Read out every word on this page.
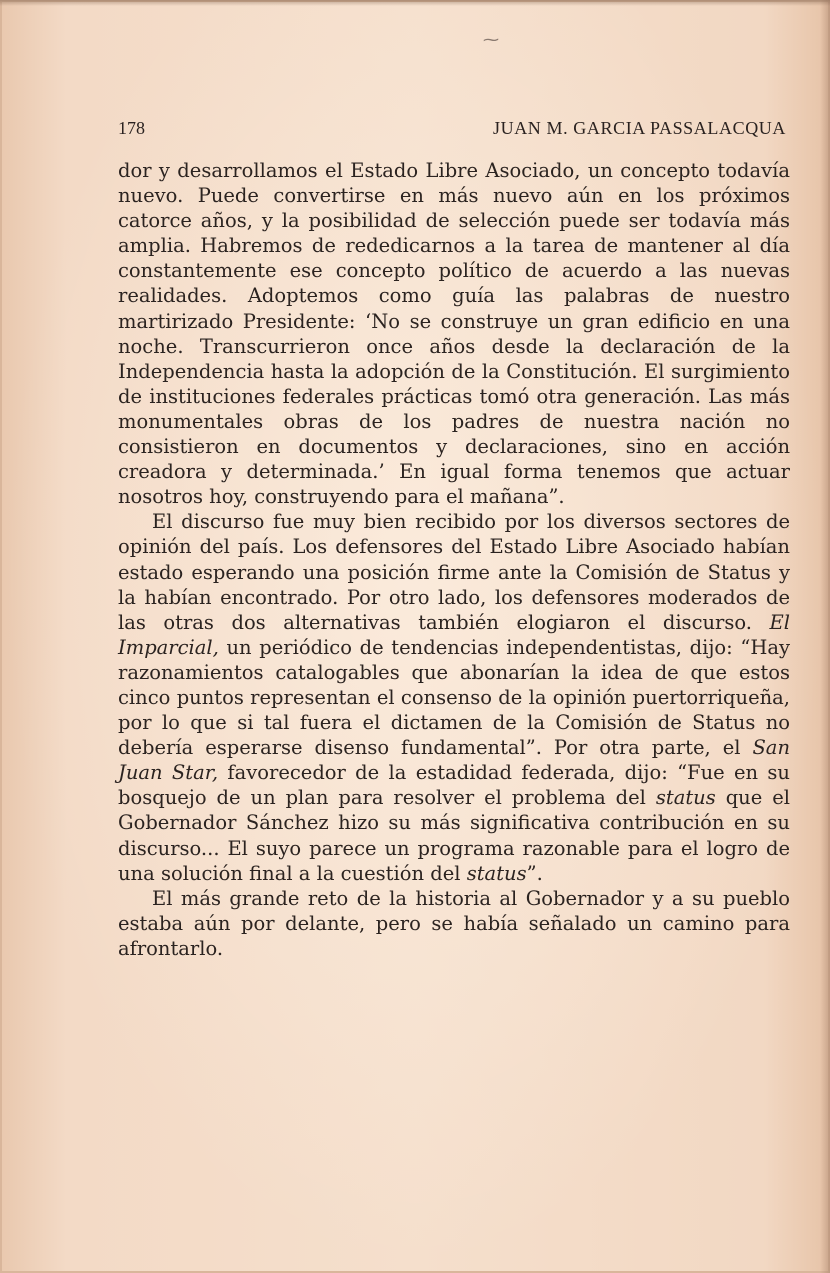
⁓
178	JUAN M. GARCIA PASSALACQUA

dor y desarrollamos el Estado Libre Asociado, un concepto todavía nuevo. Puede convertirse en más nuevo aún en los próximos catorce años, y la posibilidad de selección puede ser todavía más amplia. Habremos de rededicarnos a la tarea de mantener al día constantemente ese concepto político de acuerdo a las nuevas realidades. Adoptemos como guía las palabras de nuestro martirizado Presidente: ‘No se construye un gran edificio en una noche. Transcurrieron once años desde la declaración de la Independencia hasta la adopción de la Constitución. El surgimiento de instituciones federales prácticas tomó otra generación. Las más monumentales obras de los padres de nuestra nación no consistieron en documentos y declaraciones, sino en acción creadora y determinada.’ En igual forma tenemos que actuar nosotros hoy, construyendo para el mañana”.

El discurso fue muy bien recibido por los diversos sectores de opinión del país. Los defensores del Estado Libre Asociado habían estado esperando una posición firme ante la Comisión de Status y la habían encontrado. Por otro lado, los defensores moderados de las otras dos alternativas también elogiaron el discurso. El Imparcial, un periódico de tendencias independentistas, dijo: “Hay razonamientos catalogables que abonarían la idea de que estos cinco puntos representan el consenso de la opinión puertorriqueña, por lo que si tal fuera el dictamen de la Comisión de Status no debería esperarse disenso fundamental”. Por otra parte, el San Juan Star, favorecedor de la estadidad federada, dijo: “Fue en su bosquejo de un plan para resolver el problema del status que el Gobernador Sánchez hizo su más significativa contribución en su discurso... El suyo parece un programa razonable para el logro de una solución final a la cuestión del status”.

El más grande reto de la historia al Gobernador y a su pueblo estaba aún por delante, pero se había señalado un camino para afrontarlo.
